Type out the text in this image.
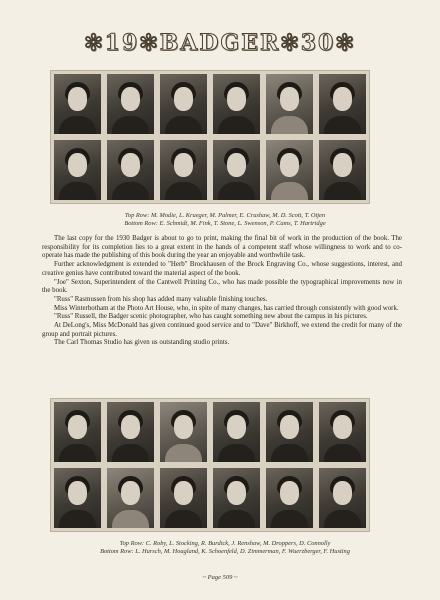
✻19✻BADGER✻30✻
Top Row: M. Modie, L. Krueger, M. Palmer, E. Crushaw, M. D. Scott, T. Otjen
Bottom Row: E. Schmidt, M. Fink, T. Stone, L. Swenson, P. Cams, T. Hartridge

The last copy for the 1930 Badger is about to go to print, making the final bit of work in the production of the book. The responsibility for its completion lies to a great extent in the hands of a competent staff whose willingness to work and to co-operate has made the publishing of this book during the year an enjoyable and worthwhile task.

Further acknowledgment is extended to "Herb" Brockhausen of the Brock Engraving Co., whose suggestions, interest, and creative genius have contributed toward the material aspect of the book.

"Joe" Sexton, Superintendent of the Cantwell Printing Co., who has made possible the typographical improvements now in the book.

"Russ" Rasmussen from his shop has added many valuable finishing touches.

Miss Winterbotham at the Photo Art House, who, in spite of many changes, has carried through consistently with good work.

"Russ" Russell, the Badger scenic photographer, who has caught something new about the campus in his pictures.

At DeLong's, Miss McDonald has given continued good service and to "Dave" Birkhoff, we extend the credit for many of the group and portrait pictures.

The Carl Thomas Studio has given us outstanding studio prints.

Top Row: C. Roby, L. Stocking, R. Burdick, J. Renshaw, M. Droppers, D. Connolly
Bottom Row: L. Hursch, M. Hoagland, K. Schoenfeld, D. Zimmerman, F. Wuerzberger, F. Husting
~ Page 509 ~
